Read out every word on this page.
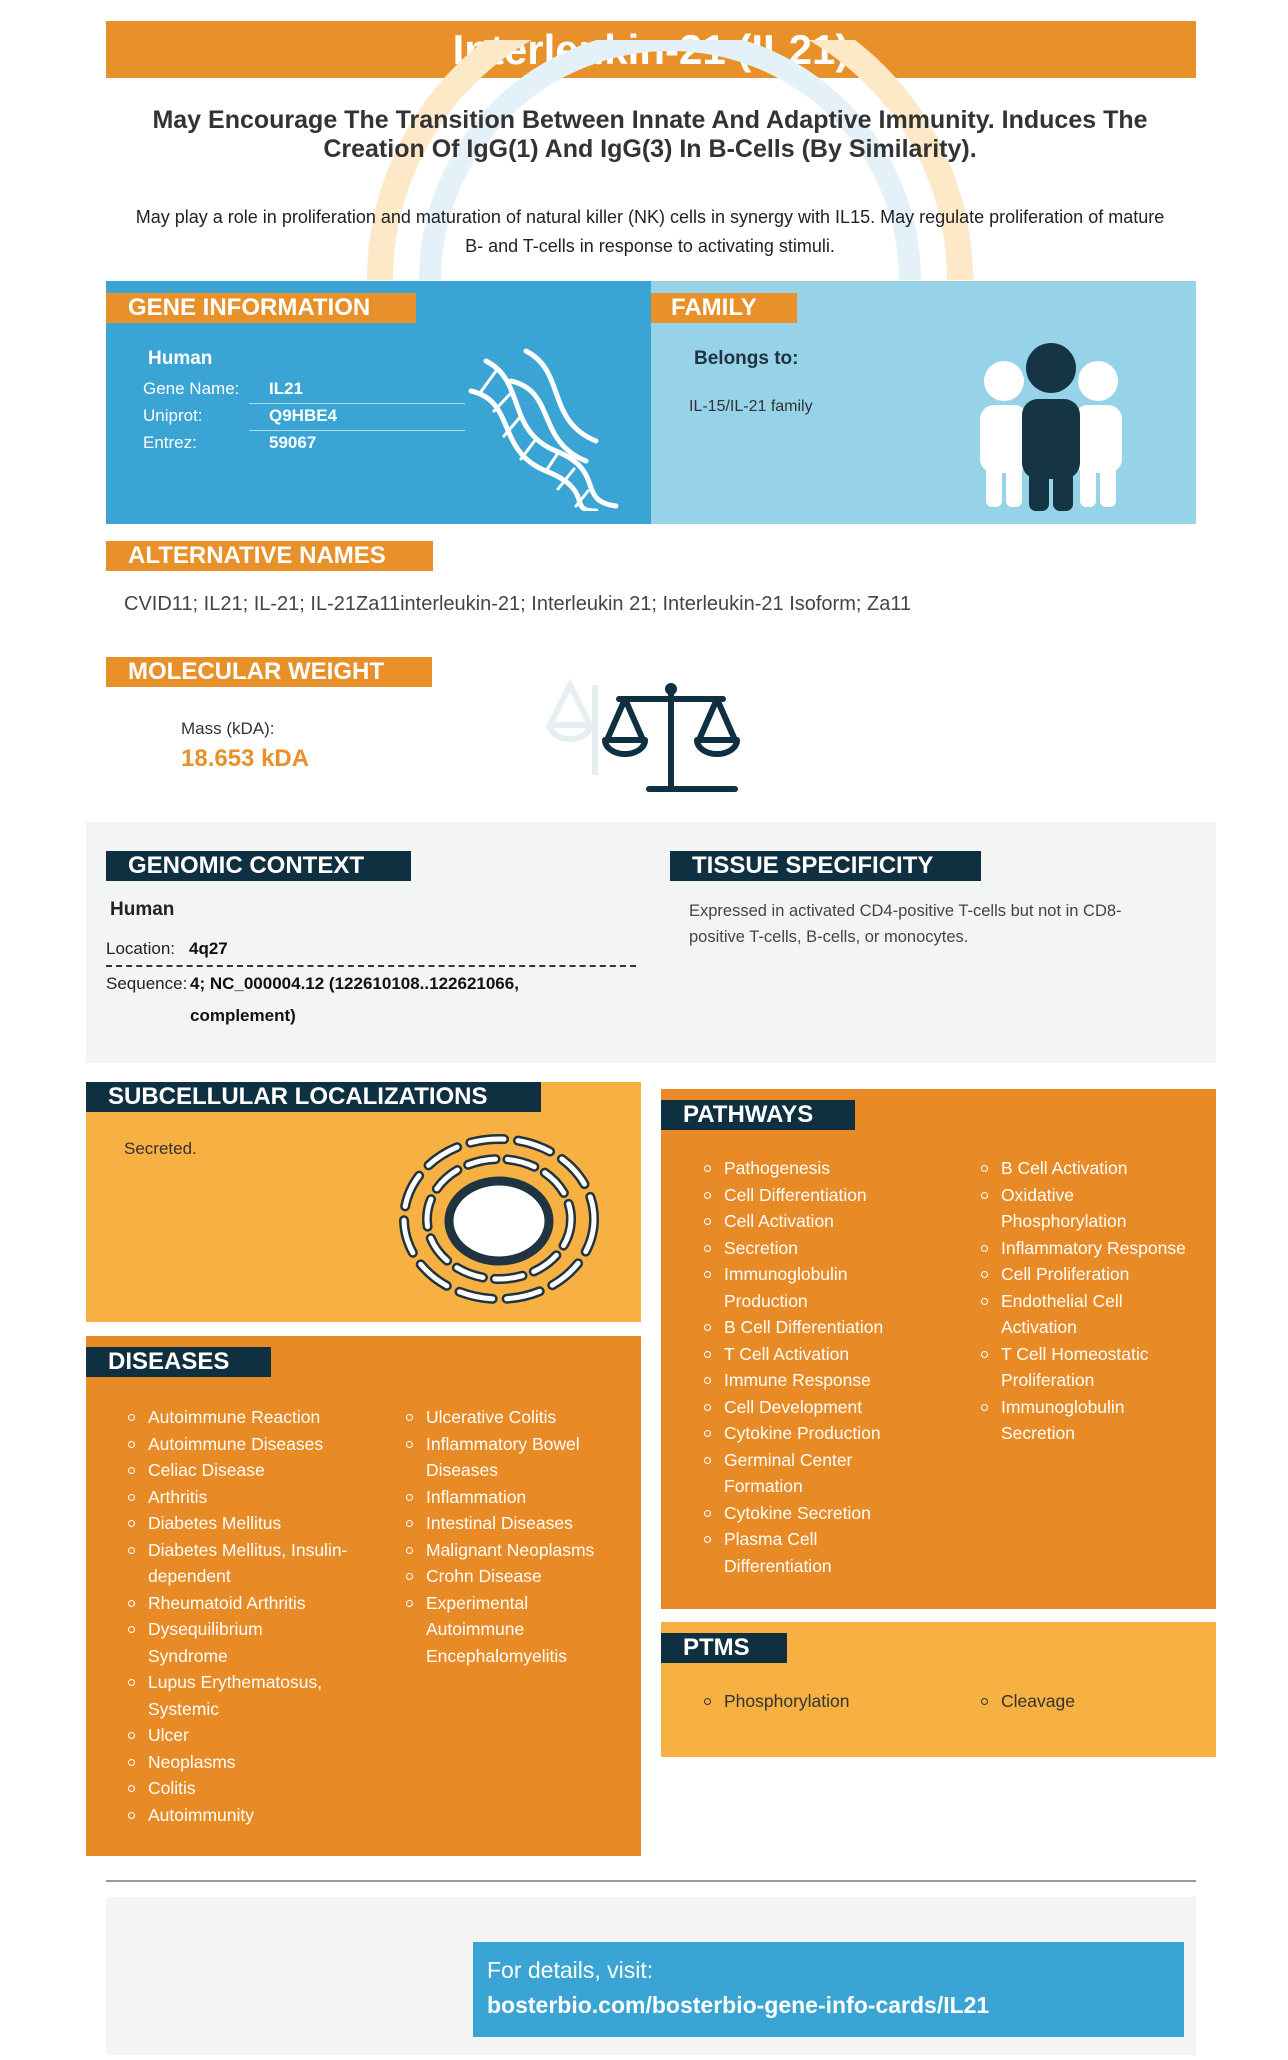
Interleukin-21 (IL21)
May Encourage The Transition Between Innate And Adaptive Immunity. Induces The Creation Of IgG(1) And IgG(3) In B-Cells (By Similarity).
May play a role in proliferation and maturation of natural killer (NK) cells in synergy with IL15. May regulate proliferation of mature B- and T-cells in response to activating stimuli.
GENE INFORMATION
Human
Gene Name: IL21
Uniprot:	Q9HBE4
Entrez:	59067
FAMILY
Belongs to:
IL-15/IL-21 family
ALTERNATIVE NAMES
CVID11; IL21; IL-21; IL-21Za11interleukin-21; Interleukin 21; Interleukin-21 Isoform; Za11
MOLECULAR WEIGHT
Mass (kDA):
18.653 kDA
GENOMIC CONTEXT
Human
Location: 4q27
Sequence: 4; NC_000004.12 (122610108..122621066,
complement)
TISSUE SPECIFICITY
Expressed in activated CD4-positive T-cells but not in CD8-
positive T-cells, B-cells, or monocytes.
SUBCELLULAR LOCALIZATIONS
Secreted.
DISEASES
Autoimmune Reaction
Autoimmune Diseases
Celiac Disease
Arthritis
Diabetes Mellitus
Diabetes Mellitus, Insulin-dependent
Rheumatoid Arthritis
Dysequilibrium Syndrome
Lupus Erythematosus, Systemic
Ulcer
Neoplasms
Colitis
Autoimmunity
Ulcerative Colitis
Inflammatory Bowel Diseases
Inflammation
Intestinal Diseases
Malignant Neoplasms
Crohn Disease
Experimental Autoimmune Encephalomyelitis
PATHWAYS
Pathogenesis
Cell Differentiation
Cell Activation
Secretion
Immunoglobulin Production
B Cell Differentiation
T Cell Activation
Immune Response
Cell Development
Cytokine Production
Germinal Center Formation
Cytokine Secretion
Plasma Cell Differentiation
B Cell Activation
Oxidative Phosphorylation
Inflammatory Response
Cell Proliferation
Endothelial Cell Activation
T Cell Homeostatic Proliferation
Immunoglobulin Secretion
PTMS
Phosphorylation	Cleavage
For details, visit:
bosterbio.com/bosterbio-gene-info-cards/IL21
